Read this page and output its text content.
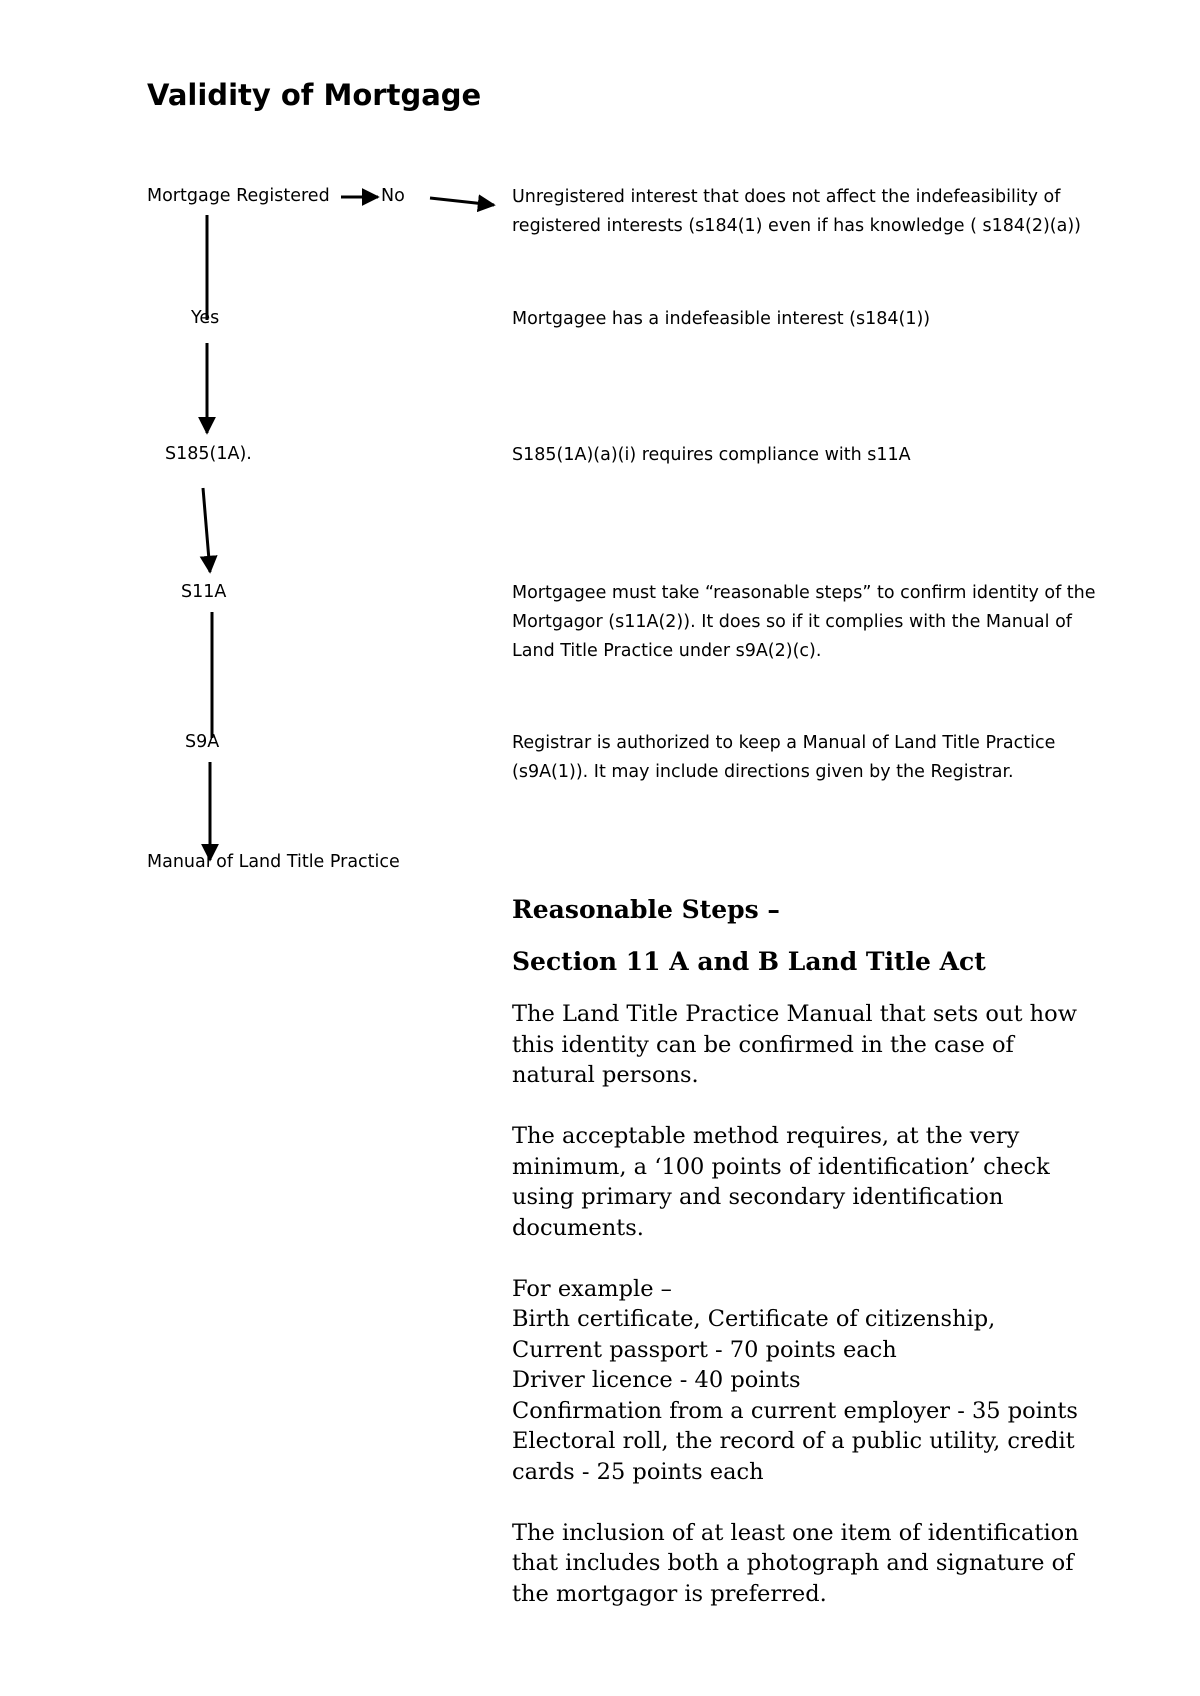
Validity of Mortgage
Mortgage Registered	No
Yes
S185(1A).
S11A
S9A
Manual of Land Title Practice
Unregistered interest that does not affect the indefeasibility of
registered interests (s184(1) even if has knowledge ( s184(2)(a))
Mortgagee has a indefeasible interest (s184(1))
S185(1A)(a)(i) requires compliance with s11A
Mortgagee must take “reasonable steps” to confirm identity of the
Mortgagor (s11A(2)). It does so if it complies with the Manual of
Land Title Practice under s9A(2)(c).
Registrar is authorized to keep a Manual of Land Title Practice
(s9A(1)). It may include directions given by the Registrar.
Reasonable Steps –
Section 11 A and B Land Title Act
The Land Title Practice Manual that sets out how
this identity can be confirmed in the case of
natural persons.
The acceptable method requires, at the very
minimum, a ‘100 points of identification’ check
using primary and secondary identification
documents.
For example –
Birth certificate, Certificate of citizenship,
Current passport - 70 points each
Driver licence - 40 points
Confirmation from a current employer - 35 points
Electoral roll, the record of a public utility, credit
cards - 25 points each
The inclusion of at least one item of identification
that includes both a photograph and signature of
the mortgagor is preferred.
